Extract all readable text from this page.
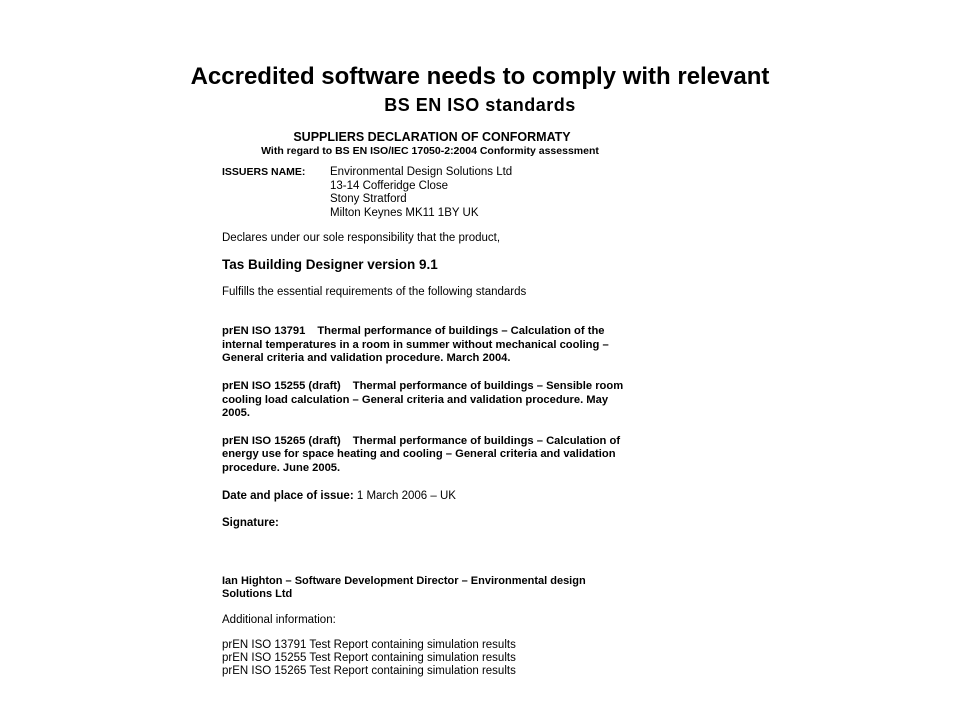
Accredited software needs to comply with relevant
BS EN ISO standards
SUPPLIERS DECLARATION OF CONFORMATY
With regard to BS EN ISO/IEC 17050-2:2004 Conformity assessment
ISSUERS NAME:	Environmental Design Solutions Ltd
13-14 Cofferidge Close
Stony Stratford
Milton Keynes MK11 1BY UK
Declares under our sole responsibility that the product,
Tas Building Designer version 9.1
Fulfills the essential requirements of the following standards
prEN ISO 13791 Thermal performance of buildings – Calculation of the internal temperatures in a room in summer without mechanical cooling – General criteria and validation procedure. March 2004.
prEN ISO 15255 (draft) Thermal performance of buildings – Sensible room cooling load calculation – General criteria and validation procedure. May 2005.
prEN ISO 15265 (draft) Thermal performance of buildings – Calculation of energy use for space heating and cooling – General criteria and validation procedure. June 2005.
Date and place of issue: 1 March 2006 – UK
Signature:
Ian Highton – Software Development Director – Environmental design Solutions Ltd
Additional information:
prEN ISO 13791 Test Report containing simulation results
prEN ISO 15255 Test Report containing simulation results
prEN ISO 15265 Test Report containing simulation results
